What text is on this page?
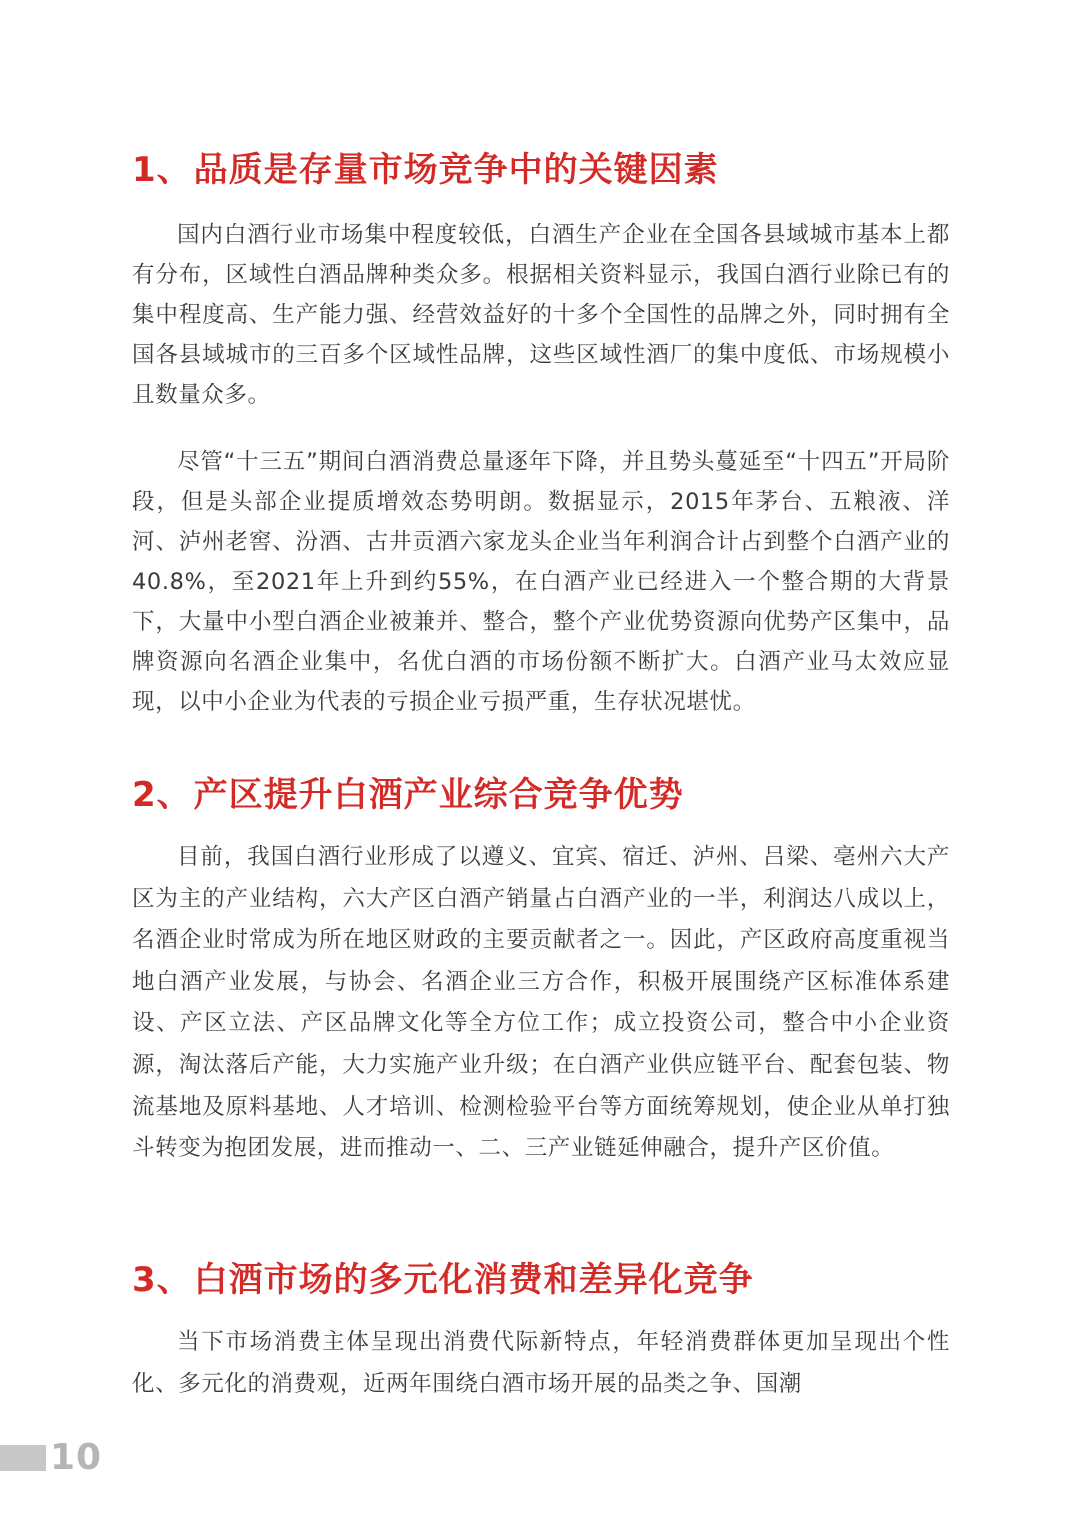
1、品质是存量市场竞争中的关键因素

国内白酒行业市场集中程度较低，白酒生产企业在全国各县域城市基本上都有分布，区域性白酒品牌种类众多。根据相关资料显示，我国白酒行业除已有的集中程度高、生产能力强、经营效益好的十多个全国性的品牌之外，同时拥有全国各县域城市的三百多个区域性品牌，这些区域性酒厂的集中度低、市场规模小且数量众多。

尽管“十三五”期间白酒消费总量逐年下降，并且势头蔓延至“十四五”开局阶段，但是头部企业提质增效态势明朗。数据显示，2015年茅台、五粮液、洋河、泸州老窖、汾酒、古井贡酒六家龙头企业当年利润合计占到整个白酒产业的40.8%，至2021年上升到约55%，在白酒产业已经进入一个整合期的大背景下，大量中小型白酒企业被兼并、整合，整个产业优势资源向优势产区集中，品牌资源向名酒企业集中，名优白酒的市场份额不断扩大。白酒产业马太效应显现，以中小企业为代表的亏损企业亏损严重，生存状况堪忧。

2、产区提升白酒产业综合竞争优势

目前，我国白酒行业形成了以遵义、宜宾、宿迁、泸州、吕梁、亳州六大产区为主的产业结构，六大产区白酒产销量占白酒产业的一半，利润达八成以上，名酒企业时常成为所在地区财政的主要贡献者之一。因此，产区政府高度重视当地白酒产业发展，与协会、名酒企业三方合作，积极开展围绕产区标准体系建设、产区立法、产区品牌文化等全方位工作；成立投资公司，整合中小企业资源，淘汰落后产能，大力实施产业升级；在白酒产业供应链平台、配套包装、物流基地及原料基地、人才培训、检测检验平台等方面统筹规划，使企业从单打独斗转变为抱团发展，进而推动一、二、三产业链延伸融合，提升产区价值。

3、白酒市场的多元化消费和差异化竞争

当下市场消费主体呈现出消费代际新特点，年轻消费群体更加呈现出个性化、多元化的消费观，近两年围绕白酒市场开展的品类之争、国潮

10
